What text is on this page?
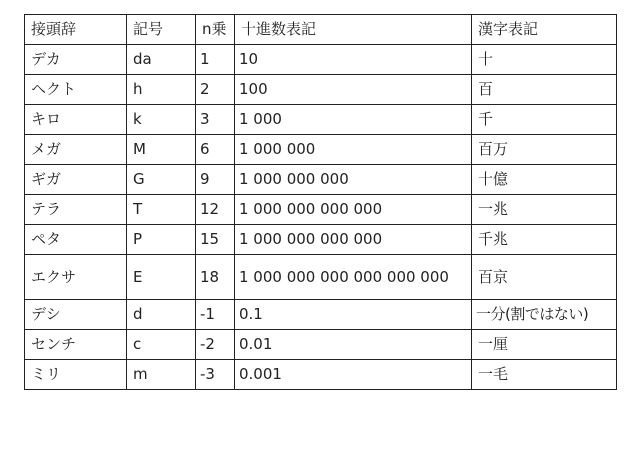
接頭辞	記号	n乗	十進数表記	漢字表記
デカ	da	1	10	十
ヘクト	h	2	100	百
キロ	k	3	1 000	千
メガ	M	6	1 000 000	百万
ギガ	G	9	1 000 000 000	十億
テラ	T	12	1 000 000 000 000	一兆
ペタ	P	15	1 000 000 000 000	千兆
エクサ	E	18	1 000 000 000 000 000 000	百京
デシ	d	-1	0.1	一分(割ではない)
センチ	c	-2	0.01	一厘
ミリ	m	-3	0.001	一毛
